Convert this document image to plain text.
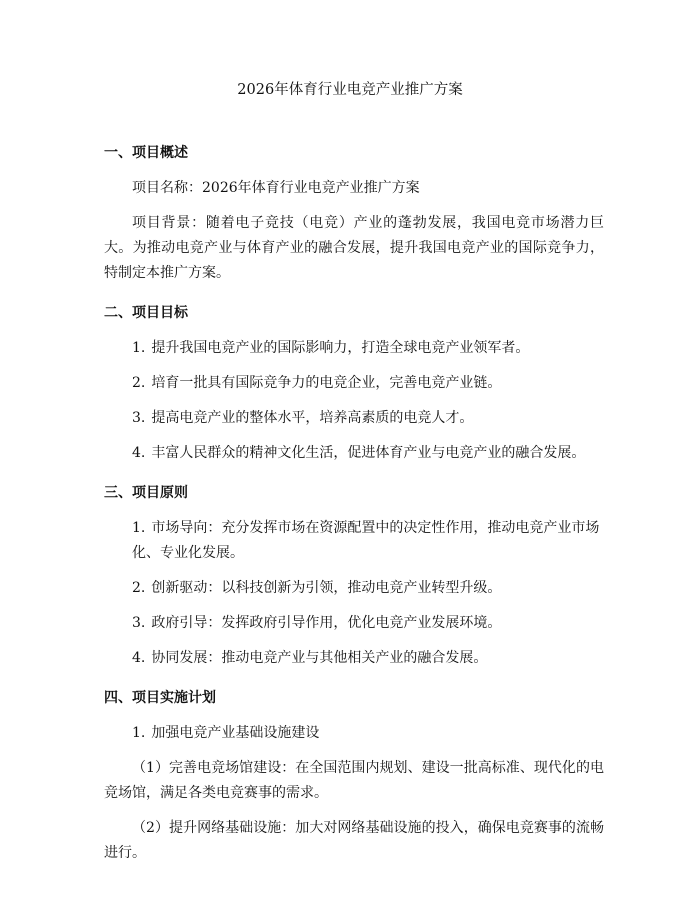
2026年体育行业电竞产业推广方案
一、项目概述

项目名称：2026年体育行业电竞产业推广方案

项目背景：随着电子竞技（电竞）产业的蓬勃发展，我国电竞市场潜力巨大。为推动电竞产业与体育产业的融合发展，提升我国电竞产业的国际竞争力，特制定本推广方案。

二、项目目标

1. 提升我国电竞产业的国际影响力，打造全球电竞产业领军者。

2. 培育一批具有国际竞争力的电竞企业，完善电竞产业链。

3. 提高电竞产业的整体水平，培养高素质的电竞人才。

4. 丰富人民群众的精神文化生活，促进体育产业与电竞产业的融合发展。

三、项目原则

1. 市场导向：充分发挥市场在资源配置中的决定性作用，推动电竞产业市场化、专业化发展。

2. 创新驱动：以科技创新为引领，推动电竞产业转型升级。

3. 政府引导：发挥政府引导作用，优化电竞产业发展环境。

4. 协同发展：推动电竞产业与其他相关产业的融合发展。

四、项目实施计划

1. 加强电竞产业基础设施建设

（1）完善电竞场馆建设：在全国范围内规划、建设一批高标准、现代化的电竞场馆，满足各类电竞赛事的需求。

（2）提升网络基础设施：加大对网络基础设施的投入，确保电竞赛事的流畅进行。
